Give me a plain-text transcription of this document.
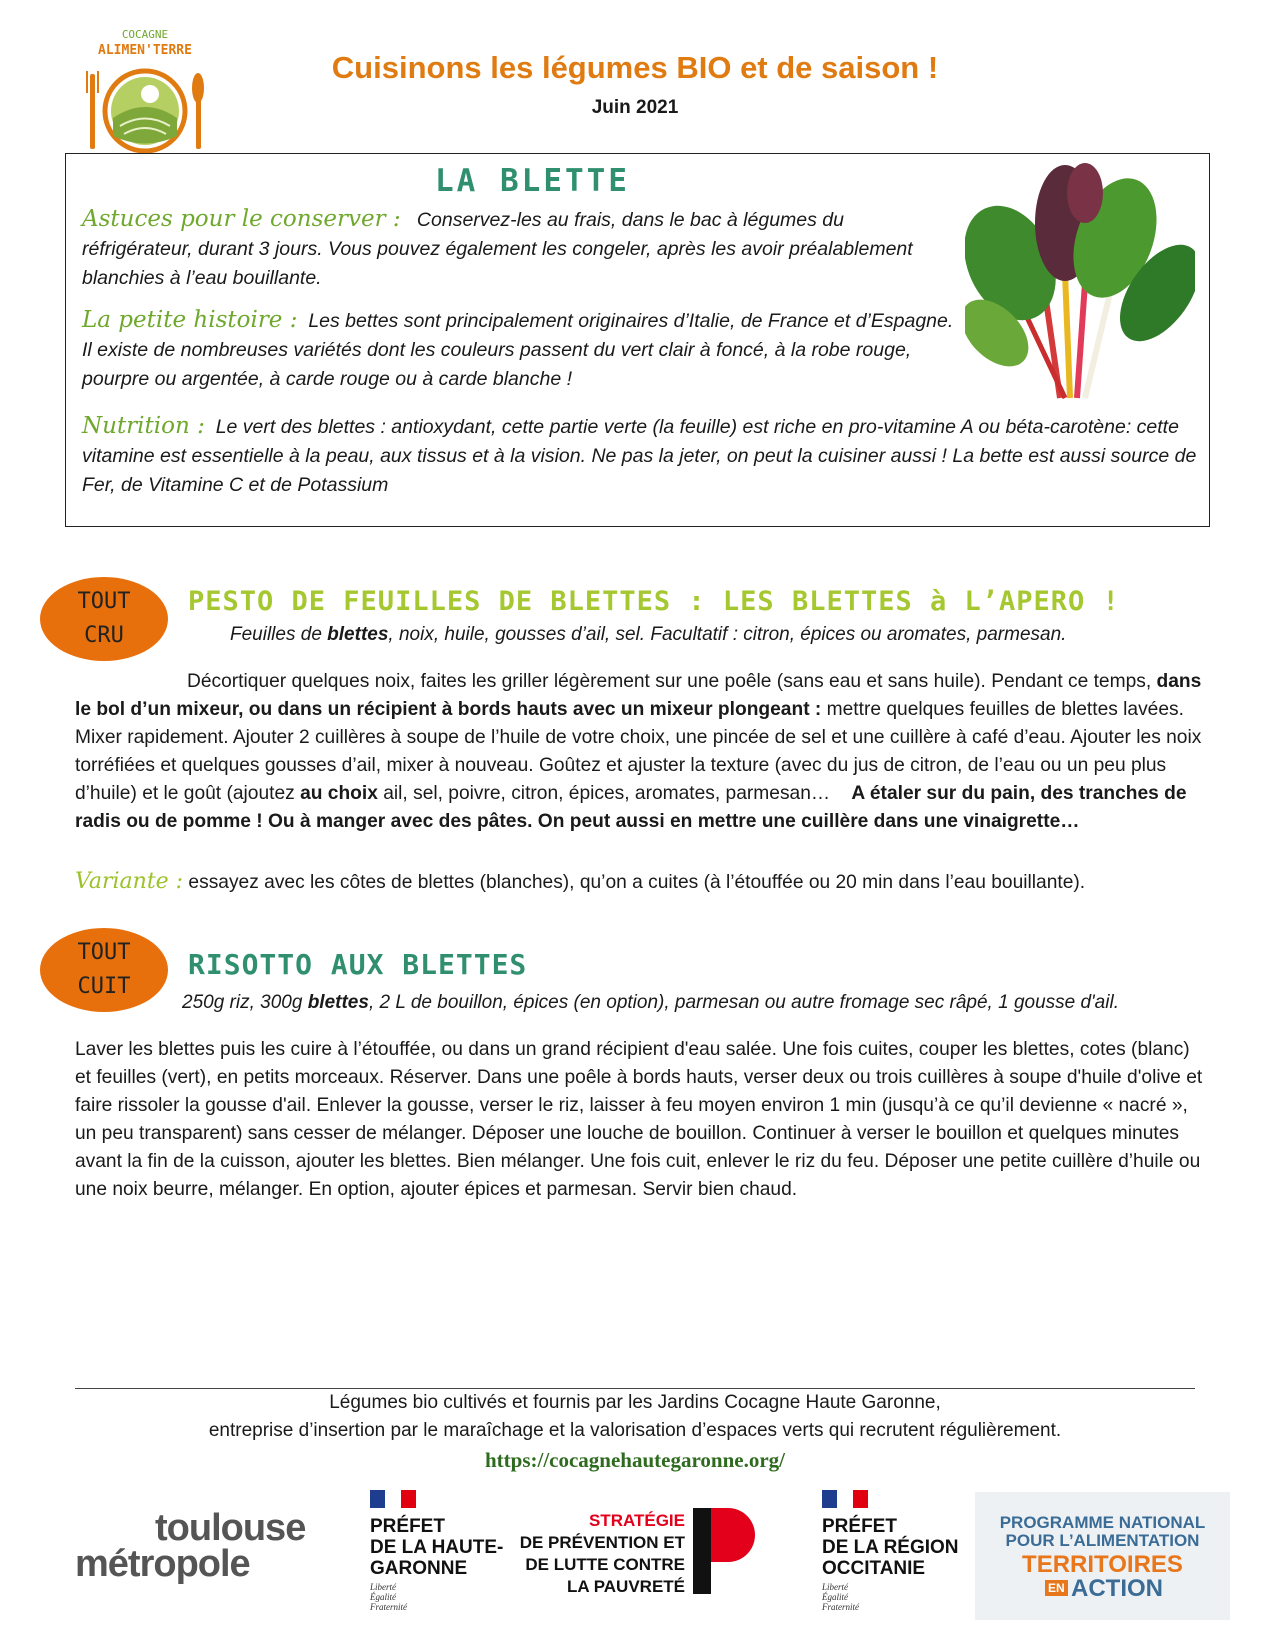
COCAGNE
ALIMEN'TERRE	Cuisinons les légumes BIO et de saison !
Juin 2021
LA BLETTE
Astuces pour le conserver : Conservez-les au frais, dans le bac à légumes du réfrigérateur, durant 3 jours. Vous pouvez également les congeler, après les avoir préalablement blanchies à l’eau bouillante.
La petite histoire : Les bettes sont principalement originaires d’Italie, de France et d’Espagne. Il existe de nombreuses variétés dont les couleurs passent du vert clair à foncé, à la robe rouge, pourpre ou argentée, à carde rouge ou à carde blanche !
Nutrition : Le vert des blettes : antioxydant, cette partie verte (la feuille) est riche en pro-vitamine A ou béta-carotène: cette vitamine est essentielle à la peau, aux tissus et à la vision. Ne pas la jeter, on peut la cuisiner aussi ! La bette est aussi source de Fer, de Vitamine C et de Potassium
TOUT
CRU
PESTO DE FEUILLES DE BLETTES : LES BLETTES à L’APERO !
Feuilles de blettes, noix, huile, gousses d’ail, sel. Facultatif : citron, épices ou aromates, parmesan.
Décortiquer quelques noix, faites les griller légèrement sur une poêle (sans eau et sans huile). Pendant ce temps, dans le bol d’un mixeur, ou dans un récipient à bords hauts avec un mixeur plongeant : mettre quelques feuilles de blettes lavées. Mixer rapidement. Ajouter 2 cuillères à soupe de l’huile de votre choix, une pincée de sel et une cuillère à café d’eau. Ajouter les noix torréfiées et quelques gousses d’ail, mixer à nouveau. Goûtez et ajuster la texture (avec du jus de citron, de l’eau ou un peu plus d’huile) et le goût (ajoutez au choix ail, sel, poivre, citron, épices, aromates, parmesan…    A étaler sur du pain, des tranches de radis ou de pomme ! Ou à manger avec des pâtes. On peut aussi en mettre une cuillère dans une vinaigrette…
Variante : essayez avec les côtes de blettes (blanches), qu’on a cuites (à l’étouffée ou 20 min dans l’eau bouillante).
TOUT
CUIT
RISOTTO AUX BLETTES
250g riz, 300g blettes, 2 L de bouillon, épices (en option), parmesan ou autre fromage sec râpé, 1 gousse d'ail.
Laver les blettes puis les cuire à l’étouffée, ou dans un grand récipient d'eau salée. Une fois cuites, couper les blettes, cotes (blanc) et feuilles (vert), en petits morceaux. Réserver. Dans une poêle à bords hauts, verser deux ou trois cuillères à soupe d'huile d'olive et faire rissoler la gousse d'ail. Enlever la gousse, verser le riz, laisser à feu moyen environ 1 min (jusqu’à ce qu’il devienne « nacré », un peu transparent) sans cesser de mélanger. Déposer une louche de bouillon. Continuer à verser le bouillon et quelques minutes avant la fin de la cuisson, ajouter les blettes. Bien mélanger. Une fois cuit, enlever le riz du feu. Déposer une petite cuillère d’huile ou une noix beurre, mélanger. En option, ajouter épices et parmesan. Servir bien chaud.
Légumes bio cultivés et fournis par les Jardins Cocagne Haute Garonne,
entreprise d’insertion par le maraîchage et la valorisation d’espaces verts qui recrutent régulièrement.
https://cocagnehautegaronne.org/
toulouse
métropole
PRÉFET
DE LA HAUTE-
GARONNE
Liberté
Égalité
Fraternité
STRATÉGIE
DE PRÉVENTION ET
DE LUTTE CONTRE
LA PAUVRETÉ
PRÉFET
DE LA RÉGION
OCCITANIE
Liberté
Égalité
Fraternité
PROGRAMME NATIONAL
POUR L’ALIMENTATION
TERRITOIRES
EN ACTION
